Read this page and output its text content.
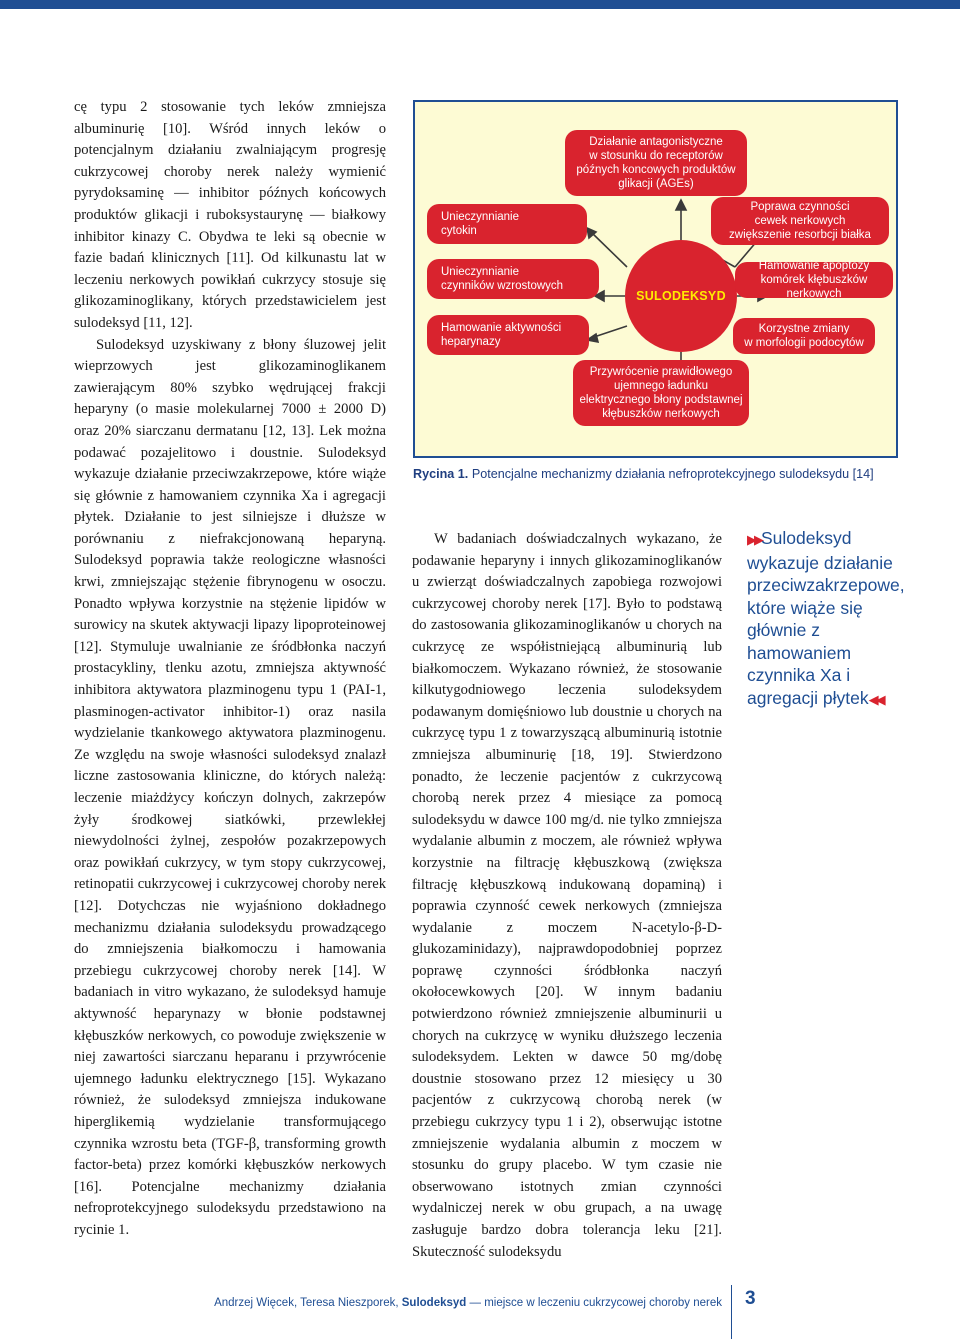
cę typu 2 stosowanie tych leków zmniejsza albuminurię [10]. Wśród innych leków o potencjalnym działaniu zwalniającym progresję cukrzycowej choroby nerek należy wymienić pyrydoksaminę — inhibitor późnych końcowych produktów glikacji i ruboksystaurynę — białkowy inhibitor kinazy C. Obydwa te leki są obecnie w fazie badań klinicznych [11]. Od kilkunastu lat w leczeniu nerkowych powikłań cukrzycy stosuje się glikozaminoglikany, których przedstawicielem jest sulodeksyd [11, 12].

Sulodeksyd uzyskiwany z błony śluzowej jelit wieprzowych jest glikozaminoglikanem zawierającym 80% szybko wędrującej frakcji heparyny (o masie molekularnej 7000 ± 2000 D) oraz 20% siarczanu dermatanu [12, 13]. Lek można podawać pozajelitowo i doustnie. Sulodeksyd wykazuje działanie przeciwzakrzepowe, które wiąże się głównie z hamowaniem czynnika Xa i agregacji płytek. Działanie to jest silniejsze i dłuższe w porównaniu z niefrakcjonowaną heparyną. Sulodeksyd poprawia także reologiczne własności krwi, zmniejszając stężenie fibrynogenu w osoczu. Ponadto wpływa korzystnie na stężenie lipidów w surowicy na skutek aktywacji lipazy lipoproteinowej [12]. Stymuluje uwalnianie ze śródbłonka naczyń prostacykliny, tlenku azotu, zmniejsza aktywność inhibitora aktywatora plazminogenu typu 1 (PAI-1, plasminogen-activator inhibitor-1) oraz nasila wydzielanie tkankowego aktywatora plazminogenu. Ze względu na swoje własności sulodeksyd znalazł liczne zastosowania kliniczne, do których należą: leczenie miażdżycy kończyn dolnych, zakrzepów żyły środkowej siatkówki, przewlekłej niewydolności żylnej, zespołów pozakrzepowych oraz powikłań cukrzycy, w tym stopy cukrzycowej, retinopatii cukrzycowej i cukrzycowej choroby nerek [12]. Dotychczas nie wyjaśniono dokładnego mechanizmu działania sulodeksydu prowadzącego do zmniejszenia białkomoczu i hamowania przebiegu cukrzycowej choroby nerek [14]. W badaniach in vitro wykazano, że sulodeksyd hamuje aktywność heparynazy w błonie podstawnej kłębuszków nerkowych, co powoduje zwiększenie w niej zawartości siarczanu heparanu i przywrócenie ujemnego ładunku elektrycznego [15]. Wykazano również, że sulodeksyd zmniejsza indukowane hiperglikemią wydzielanie transformującego czynnika wzrostu beta (TGF-β, transforming growth factor-beta) przez komórki kłębuszków nerkowych [16]. Potencjalne mechanizmy działania nefroprotekcyjnego sulodeksydu przedstawiono na rycinie 1.

Działanie antagonistyczne
w stosunku do receptorów
późnych koncowych produktów
glikacji (AGEs)
Unieczynnianie
cytokin
Unieczynnianie
czynników wzrostowych
Hamowanie aktywności
heparynazy
SULODEKSYD
Poprawa czynności
cewek nerkowych
zwiększenie resorbcji białka
Hamowanie apoptozy
komórek kłębuszków nerkowych
Korzystne zmiany
w morfologii podocytów
Przywrócenie prawidłowego
ujemnego ładunku
elektrycznego błony podstawnej
kłębuszków nerkowych
Rycina 1. Potencjalne mechanizmy działania nefroprotekcyjnego sulodeksydu [14]

W badaniach doświadczalnych wykazano, że podawanie heparyny i innych glikozaminoglikanów u zwierząt doświadczalnych zapobiega rozwojowi cukrzycowej choroby nerek [17]. Było to podstawą do zastosowania glikozaminoglikanów u chorych na cukrzycę ze współistniejącą albuminurią lub białkomoczem. Wykazano również, że stosowanie kilkutygodniowego leczenia sulodeksydem podawanym domięśniowo lub doustnie u chorych na cukrzycę typu 1 z towarzyszącą albuminurią istotnie zmniejsza albuminurię [18, 19]. Stwierdzono ponadto, że leczenie pacjentów z cukrzycową chorobą nerek przez 4 miesiące za pomocą sulodeksydu w dawce 100 mg/d. nie tylko zmniejsza wydalanie albumin z moczem, ale również wpływa korzystnie na filtrację kłębuszkową (zwiększa filtrację kłębuszkową indukowaną dopaminą) i poprawia czynność cewek nerkowych (zmniejsza wydalanie z moczem N-acetylo-β-D-glukozaminidazy), najprawdopodobniej poprzez poprawę czynności śródbłonka naczyń okołocewkowych [20]. W innym badaniu potwierdzono również zmniejszenie albuminurii u chorych na cukrzycę w wyniku dłuższego leczenia sulodeksydem. Lekten w dawce 50 mg/dobę doustnie stosowano przez 12 miesięcy u 30 pacjentów z cukrzycową chorobą nerek (w przebiegu cukrzycy typu 1 i 2), obserwując istotne zmniejszenie wydalania albumin z moczem w stosunku do grupy placebo. W tym czasie nie obserwowano istotnych zmian czynności wydalniczej nerek w obu grupach, a na uwagę zasługuje bardzo dobra tolerancja leku [21]. Skuteczność sulodeksydu

▶▶Sulodeksyd wykazuje działanie przeciwzakrzepowe, które wiąże się głównie z hamowaniem czynnika Xa i agregacji płytek◀◀
Andrzej Więcek, Teresa Nieszporek, Sulodeksyd — miejsce w leczeniu cukrzycowej choroby nerek 3
